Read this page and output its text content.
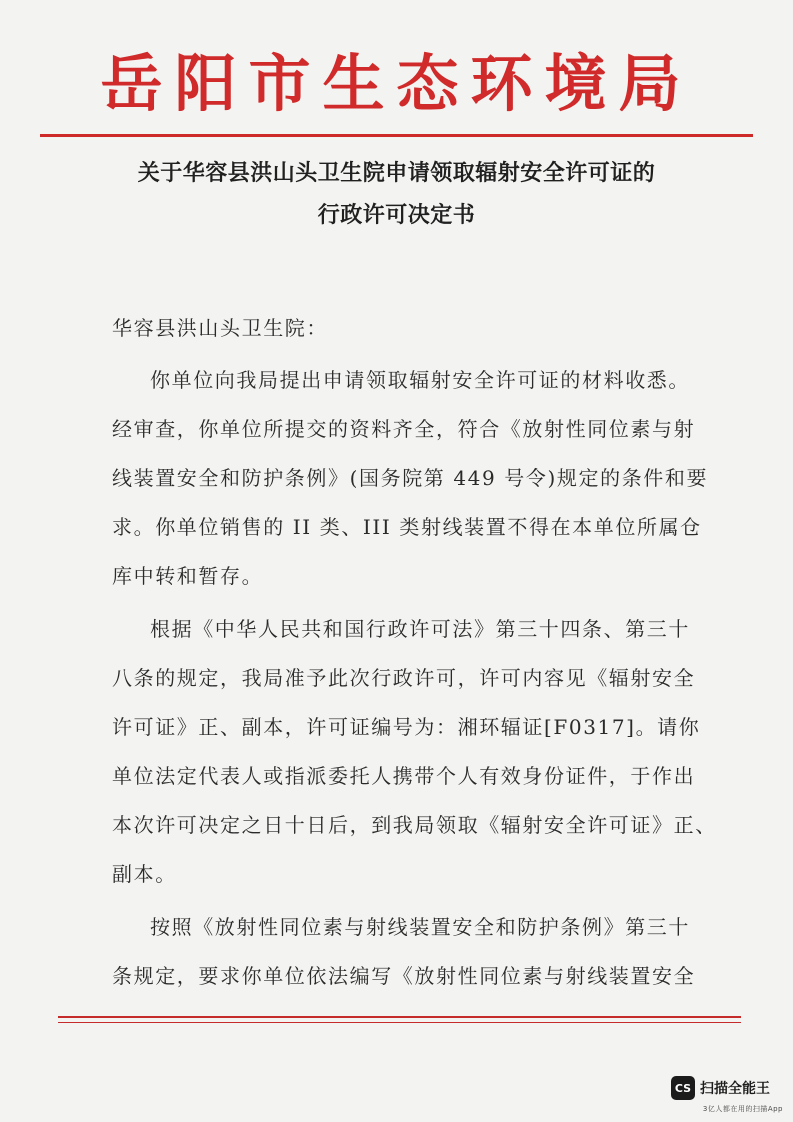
岳阳市生态环境局
关于华容县洪山头卫生院申请领取辐射安全许可证的
行政许可决定书
华容县洪山头卫生院：
你单位向我局提出申请领取辐射安全许可证的材料收悉。
经审查，你单位所提交的资料齐全，符合《放射性同位素与射
线装置安全和防护条例》(国务院第 449 号令)规定的条件和要
求。你单位销售的 II 类、III 类射线装置不得在本单位所属仓
库中转和暂存。
根据《中华人民共和国行政许可法》第三十四条、第三十
八条的规定，我局准予此次行政许可，许可内容见《辐射安全
许可证》正、副本，许可证编号为：湘环辐证[F0317]。请你
单位法定代表人或指派委托人携带个人有效身份证件，于作出
本次许可决定之日十日后，到我局领取《辐射安全许可证》正、
副本。
按照《放射性同位素与射线装置安全和防护条例》第三十
条规定，要求你单位依法编写《放射性同位素与射线装置安全
CS 扫描全能王
3亿人都在用的扫描App
